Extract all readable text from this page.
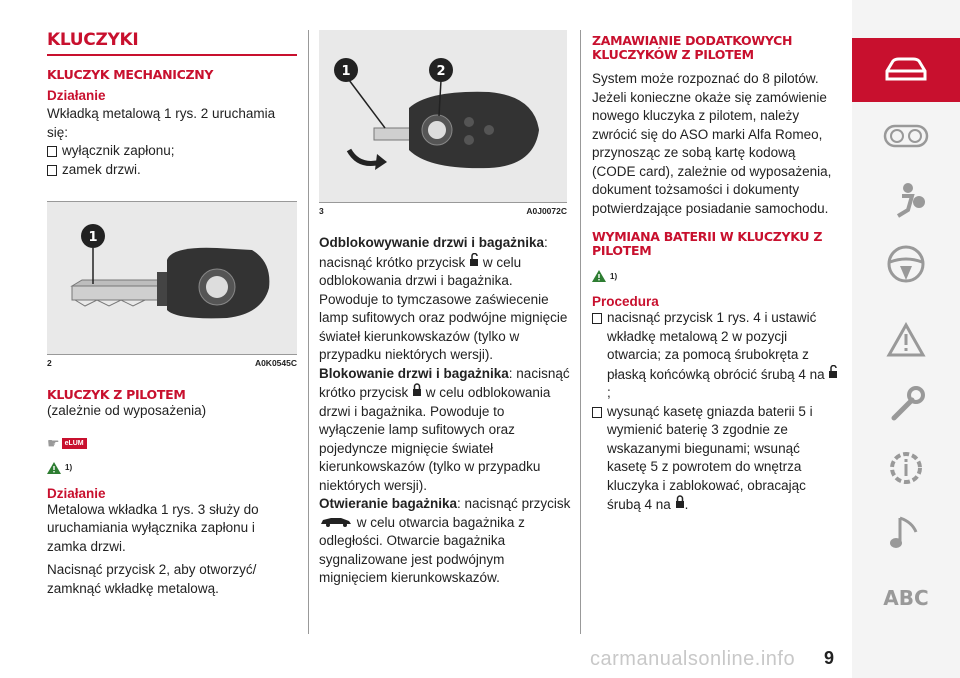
KLUCZYKI
KLUCZYK MECHANICZNY
Działanie

Wkładką metalową 1 rys. 2 uruchamia się:

wyłącznik zapłonu;
zamek drzwi.
1
2	A0K0545C
KLUCZYK Z PILOTEM

(zależnie od wyposażenia)

☛ eLUM
1)
Działanie

Metalowa wkładka 1 rys. 3 służy do uruchamiania wyłącznika zapłonu i zamka drzwi.

Nacisnąć przycisk 2, aby otworzyć/ zamknąć wkładkę metalową.

1	2
3	A0J0072C

Odblokowywanie drzwi i bagażnika: nacisnąć krótko przycisk  w celu odblokowania drzwi i bagażnika. Powoduje to tymczasowe zaświecenie lamp sufitowych oraz podwójne mignięcie świateł kierunkowskazów (tylko w przypadku niektórych wersji).

Blokowanie drzwi i bagażnika: nacisnąć krótko przycisk  w celu odblokowania drzwi i bagażnika. Powoduje to wyłączenie lamp sufitowych oraz pojedyncze mignięcie świateł kierunkowskazów (tylko w przypadku niektórych wersji).

Otwieranie bagażnika: nacisnąć przycisk
w celu otwarcia bagażnika z odległości. Otwarcie bagażnika sygnalizowane jest podwójnym mignięciem kierunkowskazów.

ZAMAWIANIE DODATKOWYCH KLUCZYKÓW Z PILOTEM

System może rozpoznać do 8 pilotów. Jeżeli konieczne okaże się zamówienie nowego kluczyka z pilotem, należy zwrócić się do ASO marki Alfa Romeo, przynosząc ze sobą kartę kodową (CODE card), zależnie od wyposażenia, dokument tożsamości i dokumenty potwierdzające posiadanie samochodu.

WYMIANA BATERII W KLUCZYKU Z PILOTEM
1)
Procedura
nacisnąć przycisk 1 rys. 4 i ustawić wkładkę metalową 2 w pozycji otwarcia; za pomocą śrubokręta z płaską końcówką obrócić śrubą 4 na ;
wysunąć kasetę gniazda baterii 5 i wymienić baterię 3 zgodnie ze wskazanymi biegunami; wsunąć kasetę 5 z powrotem do wnętrza kluczyka i zablokować, obracając śrubą 4 na .
ABC
carmanualsonline.info 9
